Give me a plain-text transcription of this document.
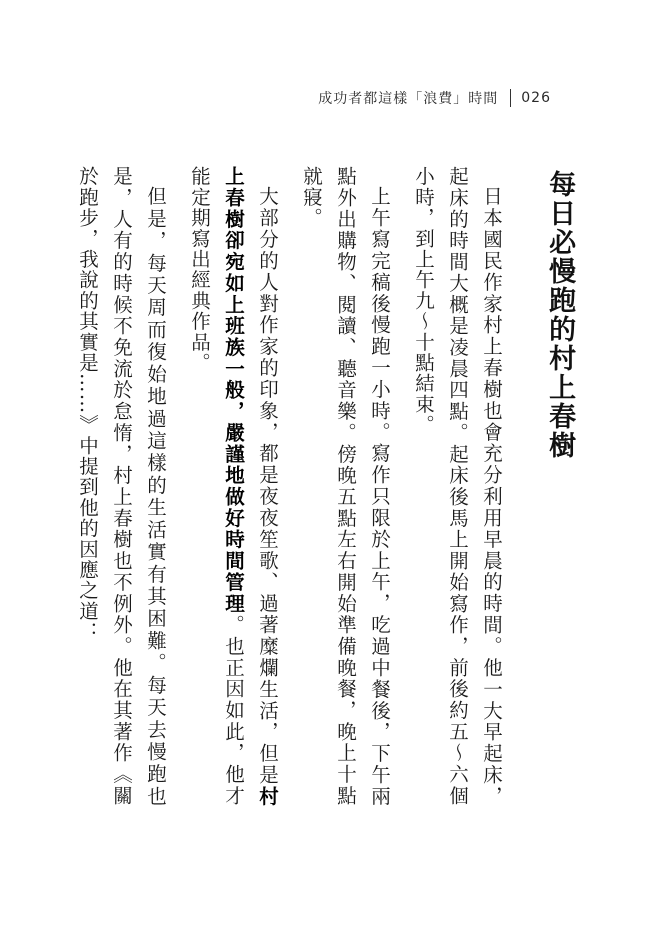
成功者都這樣「浪費」時間 026
每日必慢跑的村上春樹

日本國民作家村上春樹也會充分利用早晨的時間。他一大早起床，起床的時間大概是凌晨四點。起床後馬上開始寫作，前後約五～六個小時，到上午九～十點結束。

上午寫完稿後慢跑一小時。寫作只限於上午，吃過中餐後，下午兩點外出購物、閱讀、聽音樂。傍晚五點左右開始準備晚餐，晚上十點就寢。

大部分的人對作家的印象，都是夜夜笙歌、過著糜爛生活，但是村上春樹卻宛如上班族一般，嚴謹地做好時間管理。也正因如此，他才能定期寫出經典作品。

但是，每天周而復始地過這樣的生活實有其困難。每天去慢跑也是，人有的時候不免流於怠惰，村上春樹也不例外。他在其著作《關於跑步，我說的其實是……》中提到他的因應之道：
